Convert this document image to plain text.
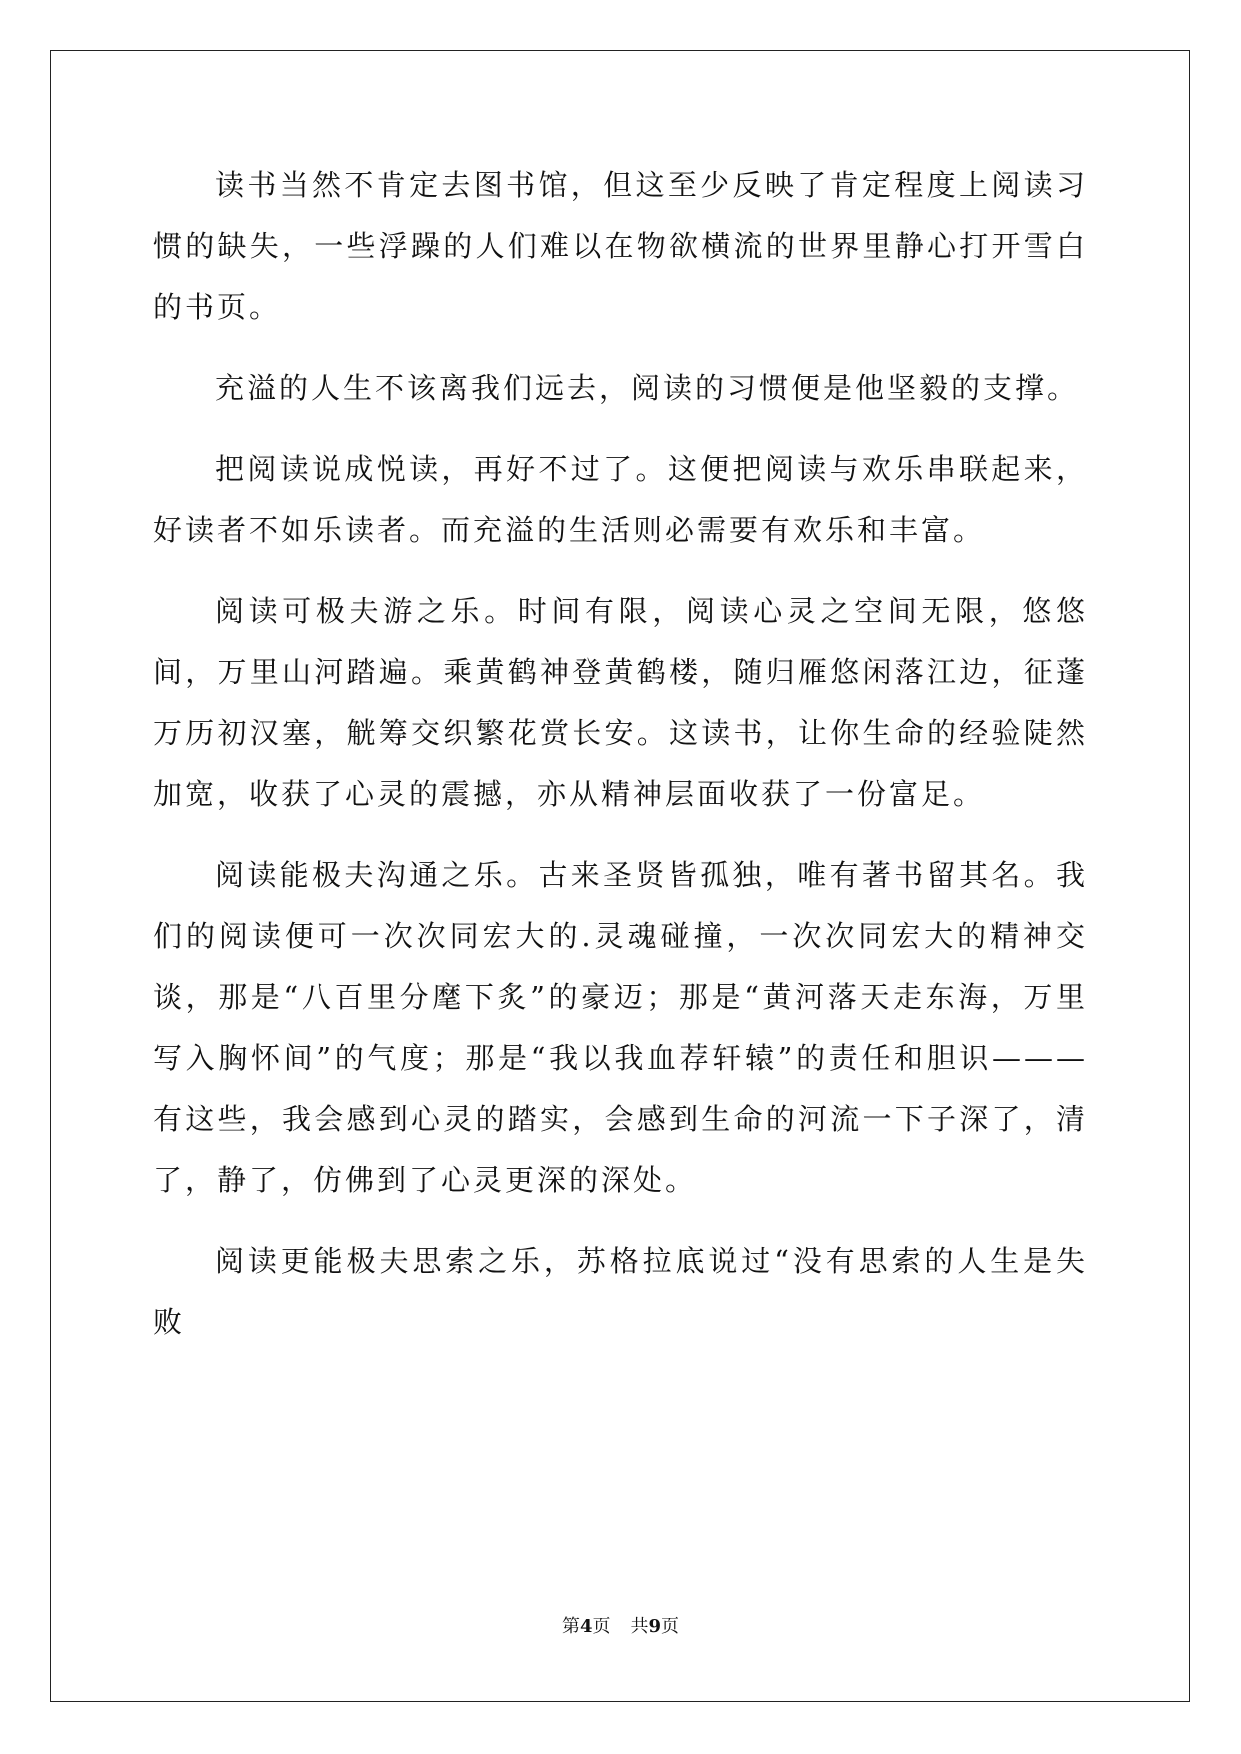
读书当然不肯定去图书馆，但这至少反映了肯定程度上阅读习惯的缺失，一些浮躁的人们难以在物欲横流的世界里静心打开雪白的书页。

充溢的人生不该离我们远去，阅读的习惯便是他坚毅的支撑。

把阅读说成悦读，再好不过了。这便把阅读与欢乐串联起来，好读者不如乐读者。而充溢的生活则必需要有欢乐和丰富。

阅读可极夫游之乐。时间有限，阅读心灵之空间无限，悠悠间，万里山河踏遍。乘黄鹤神登黄鹤楼，随归雁悠闲落江边，征蓬万历初汉塞，觥筹交织繁花赏长安。这读书，让你生命的经验陡然加宽，收获了心灵的震撼，亦从精神层面收获了一份富足。

阅读能极夫沟通之乐。古来圣贤皆孤独，唯有著书留其名。我们的阅读便可一次次同宏大的.灵魂碰撞，一次次同宏大的精神交谈，那是“八百里分麾下炙”的豪迈；那是“黄河落天走东海，万里写入胸怀间”的气度；那是“我以我血荐轩辕”的责任和胆识———有这些，我会感到心灵的踏实，会感到生命的河流一下子深了，清了，静了，仿佛到了心灵更深的深处。

阅读更能极夫思索之乐，苏格拉底说过“没有思索的人生是失败

第4页 共9页
